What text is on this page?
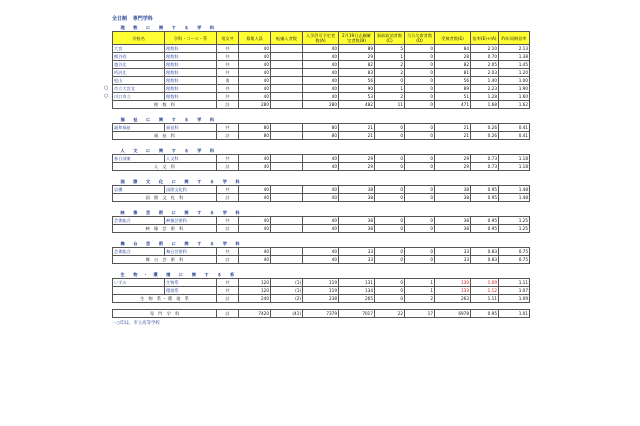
全日制 専門学科
理　数　に　関　す　る　学　科											
学校名	学科・コース・系	男女共	募集人員	転編入者数	入学許可予定者数(A)	2月19日志願確定者数(B)	事前取消者数(C)	当日欠席者数(D)	受検者数(E)	倍率(E)÷(A)	昨年同期倍率
大宮	理数科	共	40		40	89	5	0	84	2.10	2.13
熊谷西	理数科	共	40		40	29	1	0	28	0.70	1.38
越谷北	理数科	共	40		40	82	2	0	82	2.05	1.45
所沢北	理数科	共	40		40	83	2	0	81	2.03	1.20
松山	理数科	男	40		40	56	0	0	56	1.40	1.00

○ 市立大宮北	理数科	共	40		40	90	1	0	89	2.23	1.90

○ 川口市立	理数科	共	40		40	53	2	0	51	1.28	1.60
理　数　科		計	280		280	482	11	0	471	1.68	1.62

福　祉　に　関　す　る　学　科											
誠和福祉	福祉科	共	80		80	21	0	0	21	0.26	0.41
福　祉　科		計	80		80	21	0	0	21	0.26	0.41

人　文　に　関　す　る　学　科											
春日部東	人文科	共	40		40	29	0	0	29	0.73	1.18
人　文　科		計	40		40	29	0	0	29	0.73	1.18

国　際　文　化　に　関　す　る　学　科											
岩槻	国際文化科	共	40		40	38	0	0	38	0.95	1.48
国　際　文　化　科		計	40		40	38	0	0	38	0.95	1.48

映　像　芸　術　に　関　す　る　学　科											
芸術総合	映像芸術科	共	40		40	38	0	0	38	0.95	1.25
映　像　芸　術　科		計	40		40	38	0	0	38	0.95	1.25

舞　台　芸　術　に　関　す　る　学　科											
芸術総合	舞台芸術科	共	40		40	33	0	0	33	0.83	0.75
舞　台　芸　術　科		計	40		40	33	0	0	33	0.83	0.75

生　物 ・ 環　境　に　関　す　る　系											
いずみ	生物系	共	120	(1)	119	131	0	1	130	1.09	1.11
	環境系	共	120	(1)	119	134	0	1	133	1.12	1.07
生　物　系 ・ 環　境　系		計	240	(2)	238	265	0	2	263	1.11	1.09

専　門　学　科		計	7420	(41)	7379	7017	22	17	6978	0.95	1.01
・○印は、市立高等学校
